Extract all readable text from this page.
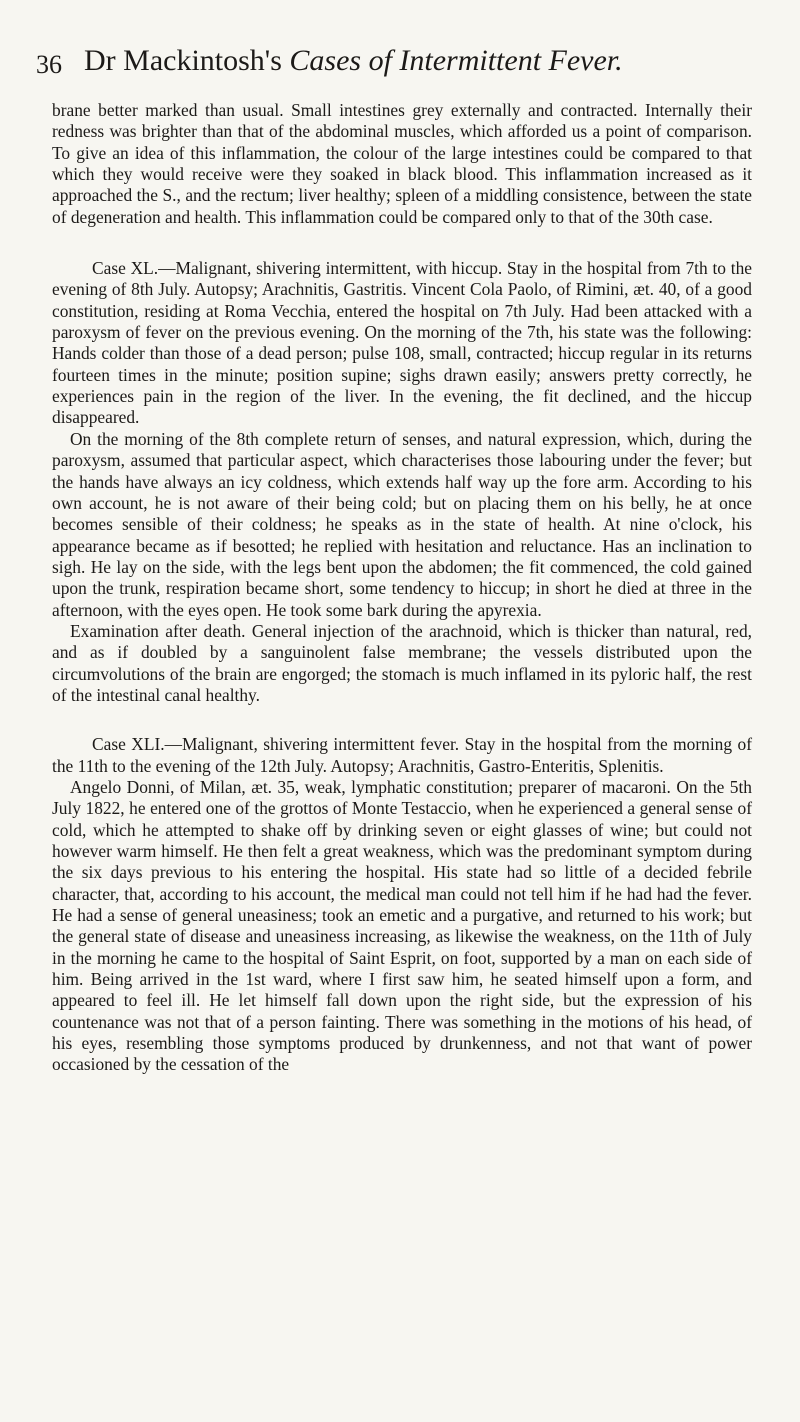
36 Dr Mackintosh's Cases of Intermittent Fever.

brane better marked than usual. Small intestines grey externally and contracted. Internally their redness was brighter than that of the abdominal muscles, which afforded us a point of comparison. To give an idea of this inflammation, the colour of the large intestines could be compared to that which they would receive were they soaked in black blood. This inflammation increased as it approached the S., and the rectum; liver healthy; spleen of a middling consistence, between the state of degeneration and health. This inflammation could be compared only to that of the 30th case.

Case XL.—Malignant, shivering intermittent, with hiccup. Stay in the hospital from 7th to the evening of 8th July. Autopsy; Arachnitis, Gastritis. Vincent Cola Paolo, of Rimini, æt. 40, of a good constitution, residing at Roma Vecchia, entered the hospital on 7th July. Had been attacked with a paroxysm of fever on the previous evening. On the morning of the 7th, his state was the following: Hands colder than those of a dead person; pulse 108, small, contracted; hiccup regular in its returns fourteen times in the minute; position supine; sighs drawn easily; answers pretty correctly, he experiences pain in the region of the liver. In the evening, the fit declined, and the hiccup disappeared.

On the morning of the 8th complete return of senses, and natural expression, which, during the paroxysm, assumed that particular aspect, which characterises those labouring under the fever; but the hands have always an icy coldness, which extends half way up the fore arm. According to his own account, he is not aware of their being cold; but on placing them on his belly, he at once becomes sensible of their coldness; he speaks as in the state of health. At nine o'clock, his appearance became as if besotted; he replied with hesitation and reluctance. Has an inclination to sigh. He lay on the side, with the legs bent upon the abdomen; the fit commenced, the cold gained upon the trunk, respiration became short, some tendency to hiccup; in short he died at three in the afternoon, with the eyes open. He took some bark during the apyrexia.

Examination after death. General injection of the arachnoid, which is thicker than natural, red, and as if doubled by a sanguinolent false membrane; the vessels distributed upon the circumvolutions of the brain are engorged; the stomach is much inflamed in its pyloric half, the rest of the intestinal canal healthy.

Case XLI.—Malignant, shivering intermittent fever. Stay in the hospital from the morning of the 11th to the evening of the 12th July. Autopsy; Arachnitis, Gastro-Enteritis, Splenitis.

Angelo Donni, of Milan, æt. 35, weak, lymphatic constitution; preparer of macaroni. On the 5th July 1822, he entered one of the grottos of Monte Testaccio, when he experienced a general sense of cold, which he attempted to shake off by drinking seven or eight glasses of wine; but could not however warm himself. He then felt a great weakness, which was the predominant symptom during the six days previous to his entering the hospital. His state had so little of a decided febrile character, that, according to his account, the medical man could not tell him if he had had the fever. He had a sense of general uneasiness; took an emetic and a purgative, and returned to his work; but the general state of disease and uneasiness increasing, as likewise the weakness, on the 11th of July in the morning he came to the hospital of Saint Esprit, on foot, supported by a man on each side of him. Being arrived in the 1st ward, where I first saw him, he seated himself upon a form, and appeared to feel ill. He let himself fall down upon the right side, but the expression of his countenance was not that of a person fainting. There was something in the motions of his head, of his eyes, resembling those symptoms produced by drunkenness, and not that want of power occasioned by the cessation of the
